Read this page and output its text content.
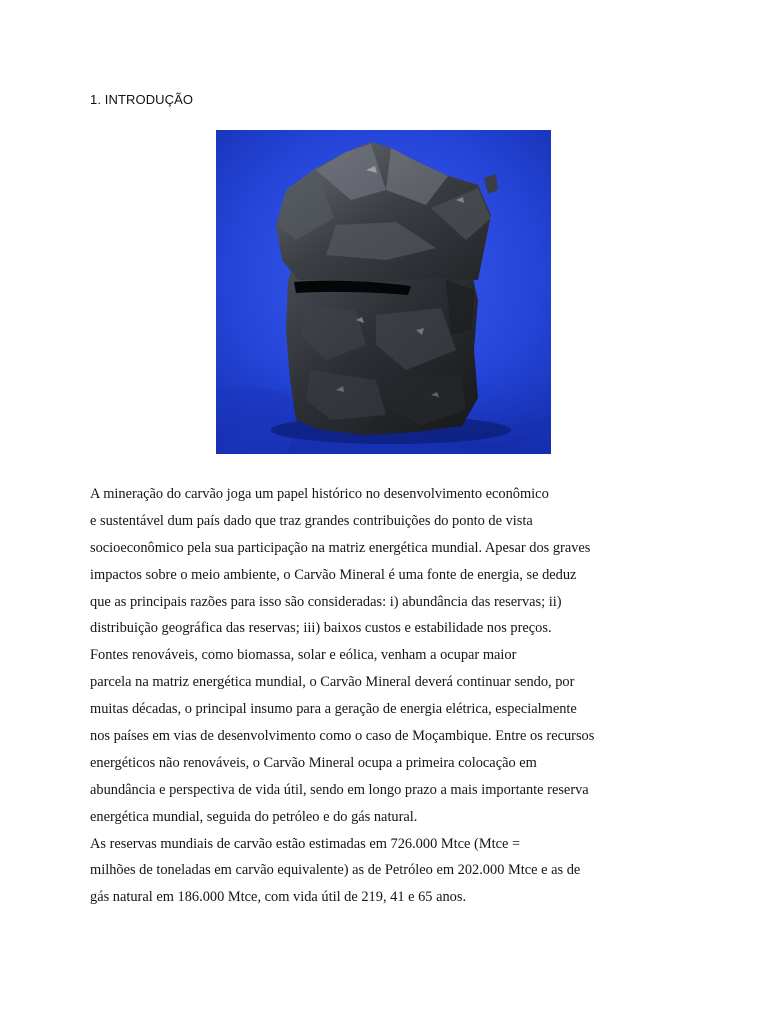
1. INTRODUÇÃO

A mineração do carvão joga um papel histórico no desenvolvimento econômico
e sustentável dum país dado que traz grandes contribuições do ponto de vista
socioeconômico pela sua participação na matriz energética mundial. Apesar dos graves
impactos sobre o meio ambiente, o Carvão Mineral é uma fonte de energia, se deduz
que as principais razões para isso são consideradas: i) abundância das reservas; ii)
distribuição geográfica das reservas; iii) baixos custos e estabilidade nos preços.
Fontes renováveis, como biomassa, solar e eólica, venham a ocupar maior
parcela na matriz energética mundial, o Carvão Mineral deverá continuar sendo, por
muitas décadas, o principal insumo para a geração de energia elétrica, especialmente
nos países em vias de desenvolvimento como o caso de Moçambique. Entre os recursos
energéticos não renováveis, o Carvão Mineral ocupa a primeira colocação em
abundância e perspectiva de vida útil, sendo em longo prazo a mais importante reserva
energética mundial, seguida do petróleo e do gás natural.
As reservas mundiais de carvão estão estimadas em 726.000 Mtce (Mtce =
milhões de toneladas em carvão equivalente) as de Petróleo em 202.000 Mtce e as de
gás natural em 186.000 Mtce, com vida útil de 219, 41 e 65 anos.
